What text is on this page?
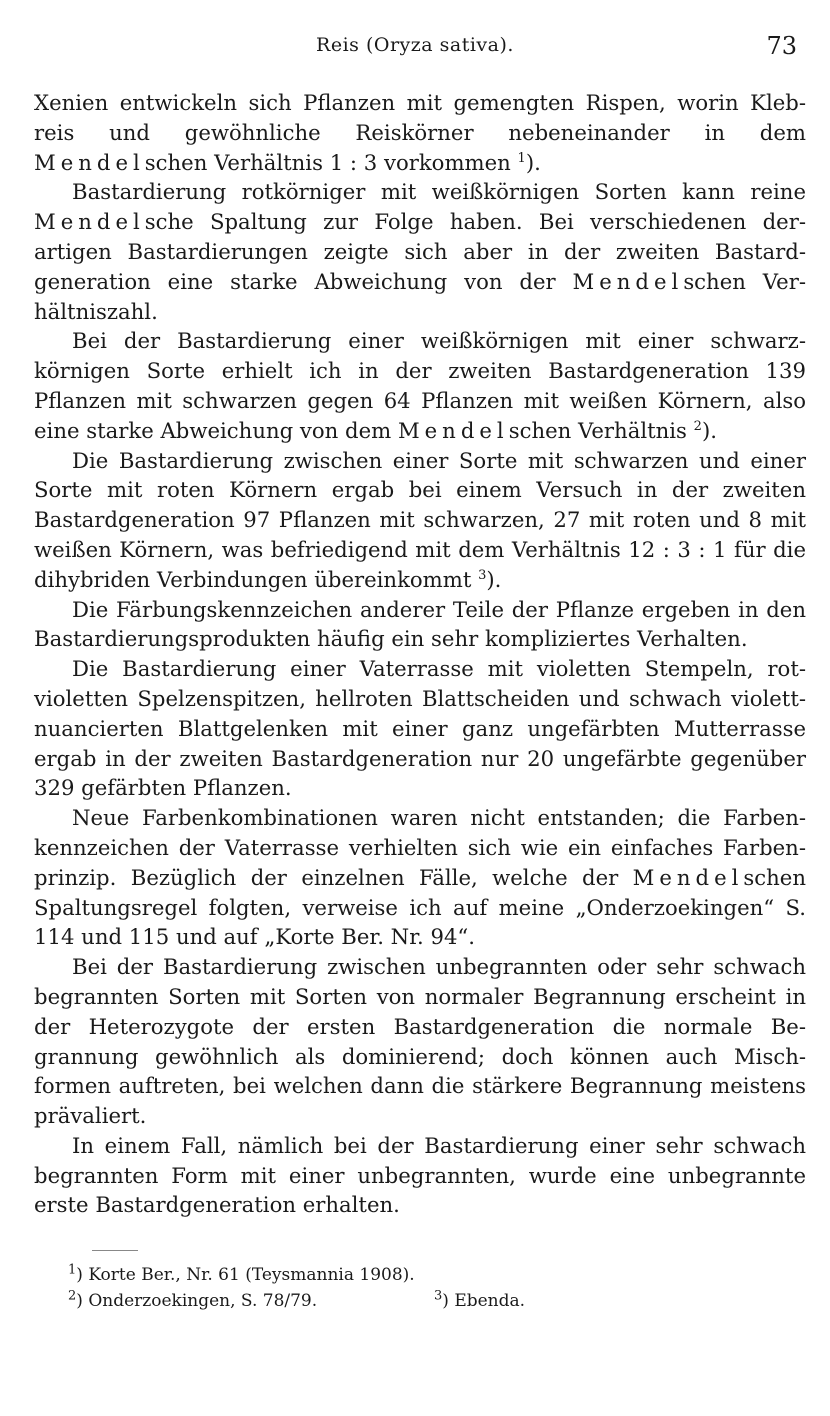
Reis (Oryza sativa).	73

Xenien entwickeln sich Pflanzen mit gemengten Rispen, worin Kleb-reis und gewöhnliche Reiskörner nebeneinander in dem Mendelschen Verhältnis 1 : 3 vorkommen $^1$).

Bastardierung rotkörniger mit weißkörnigen Sorten kann reine Mendelsche Spaltung zur Folge haben. Bei verschiedenen der-artigen Bastardierungen zeigte sich aber in der zweiten Bastard-generation eine starke Abweichung von der Mendelschen Ver-hältniszahl.

Bei der Bastardierung einer weißkörnigen mit einer schwarz-körnigen Sorte erhielt ich in der zweiten Bastardgeneration 139 Pflanzen mit schwarzen gegen 64 Pflanzen mit weißen Körnern, also eine starke Abweichung von dem Mendelschen Verhältnis $^2$).

Die Bastardierung zwischen einer Sorte mit schwarzen und einer Sorte mit roten Körnern ergab bei einem Versuch in der zweiten Bastardgeneration 97 Pflanzen mit schwarzen, 27 mit roten und 8 mit weißen Körnern, was befriedigend mit dem Verhältnis 12 : 3 : 1 für die dihybriden Verbindungen übereinkommt $^3$).

Die Färbungskennzeichen anderer Teile der Pflanze ergeben in den Bastardierungsprodukten häufig ein sehr kompliziertes Verhalten.

Die Bastardierung einer Vaterrasse mit violetten Stempeln, rot-violetten Spelzenspitzen, hellroten Blattscheiden und schwach violett-nuancierten Blattgelenken mit einer ganz ungefärbten Mutterrasse ergab in der zweiten Bastardgeneration nur 20 ungefärbte gegenüber 329 gefärbten Pflanzen.

Neue Farbenkombinationen waren nicht entstanden; die Farben-kennzeichen der Vaterrasse verhielten sich wie ein einfaches Farben-prinzip. Bezüglich der einzelnen Fälle, welche der Mendelschen Spaltungsregel folgten, verweise ich auf meine „Onderzoekingen“ S. 114 und 115 und auf „Korte Ber. Nr. 94“.

Bei der Bastardierung zwischen unbegrannten oder sehr schwach begrannten Sorten mit Sorten von normaler Begrannung erscheint in der Heterozygote der ersten Bastardgeneration die normale Be-grannung gewöhnlich als dominierend; doch können auch Misch-formen auftreten, bei welchen dann die stärkere Begrannung meistens prävaliert.

In einem Fall, nämlich bei der Bastardierung einer sehr schwach begrannten Form mit einer unbegrannten, wurde eine unbegrannte erste Bastardgeneration erhalten.

$^1$) Korte Ber., Nr. 61 (Teysmannia 1908).
$^2$) Onderzoekingen, S. 78/79.	$^3$) Ebenda.
